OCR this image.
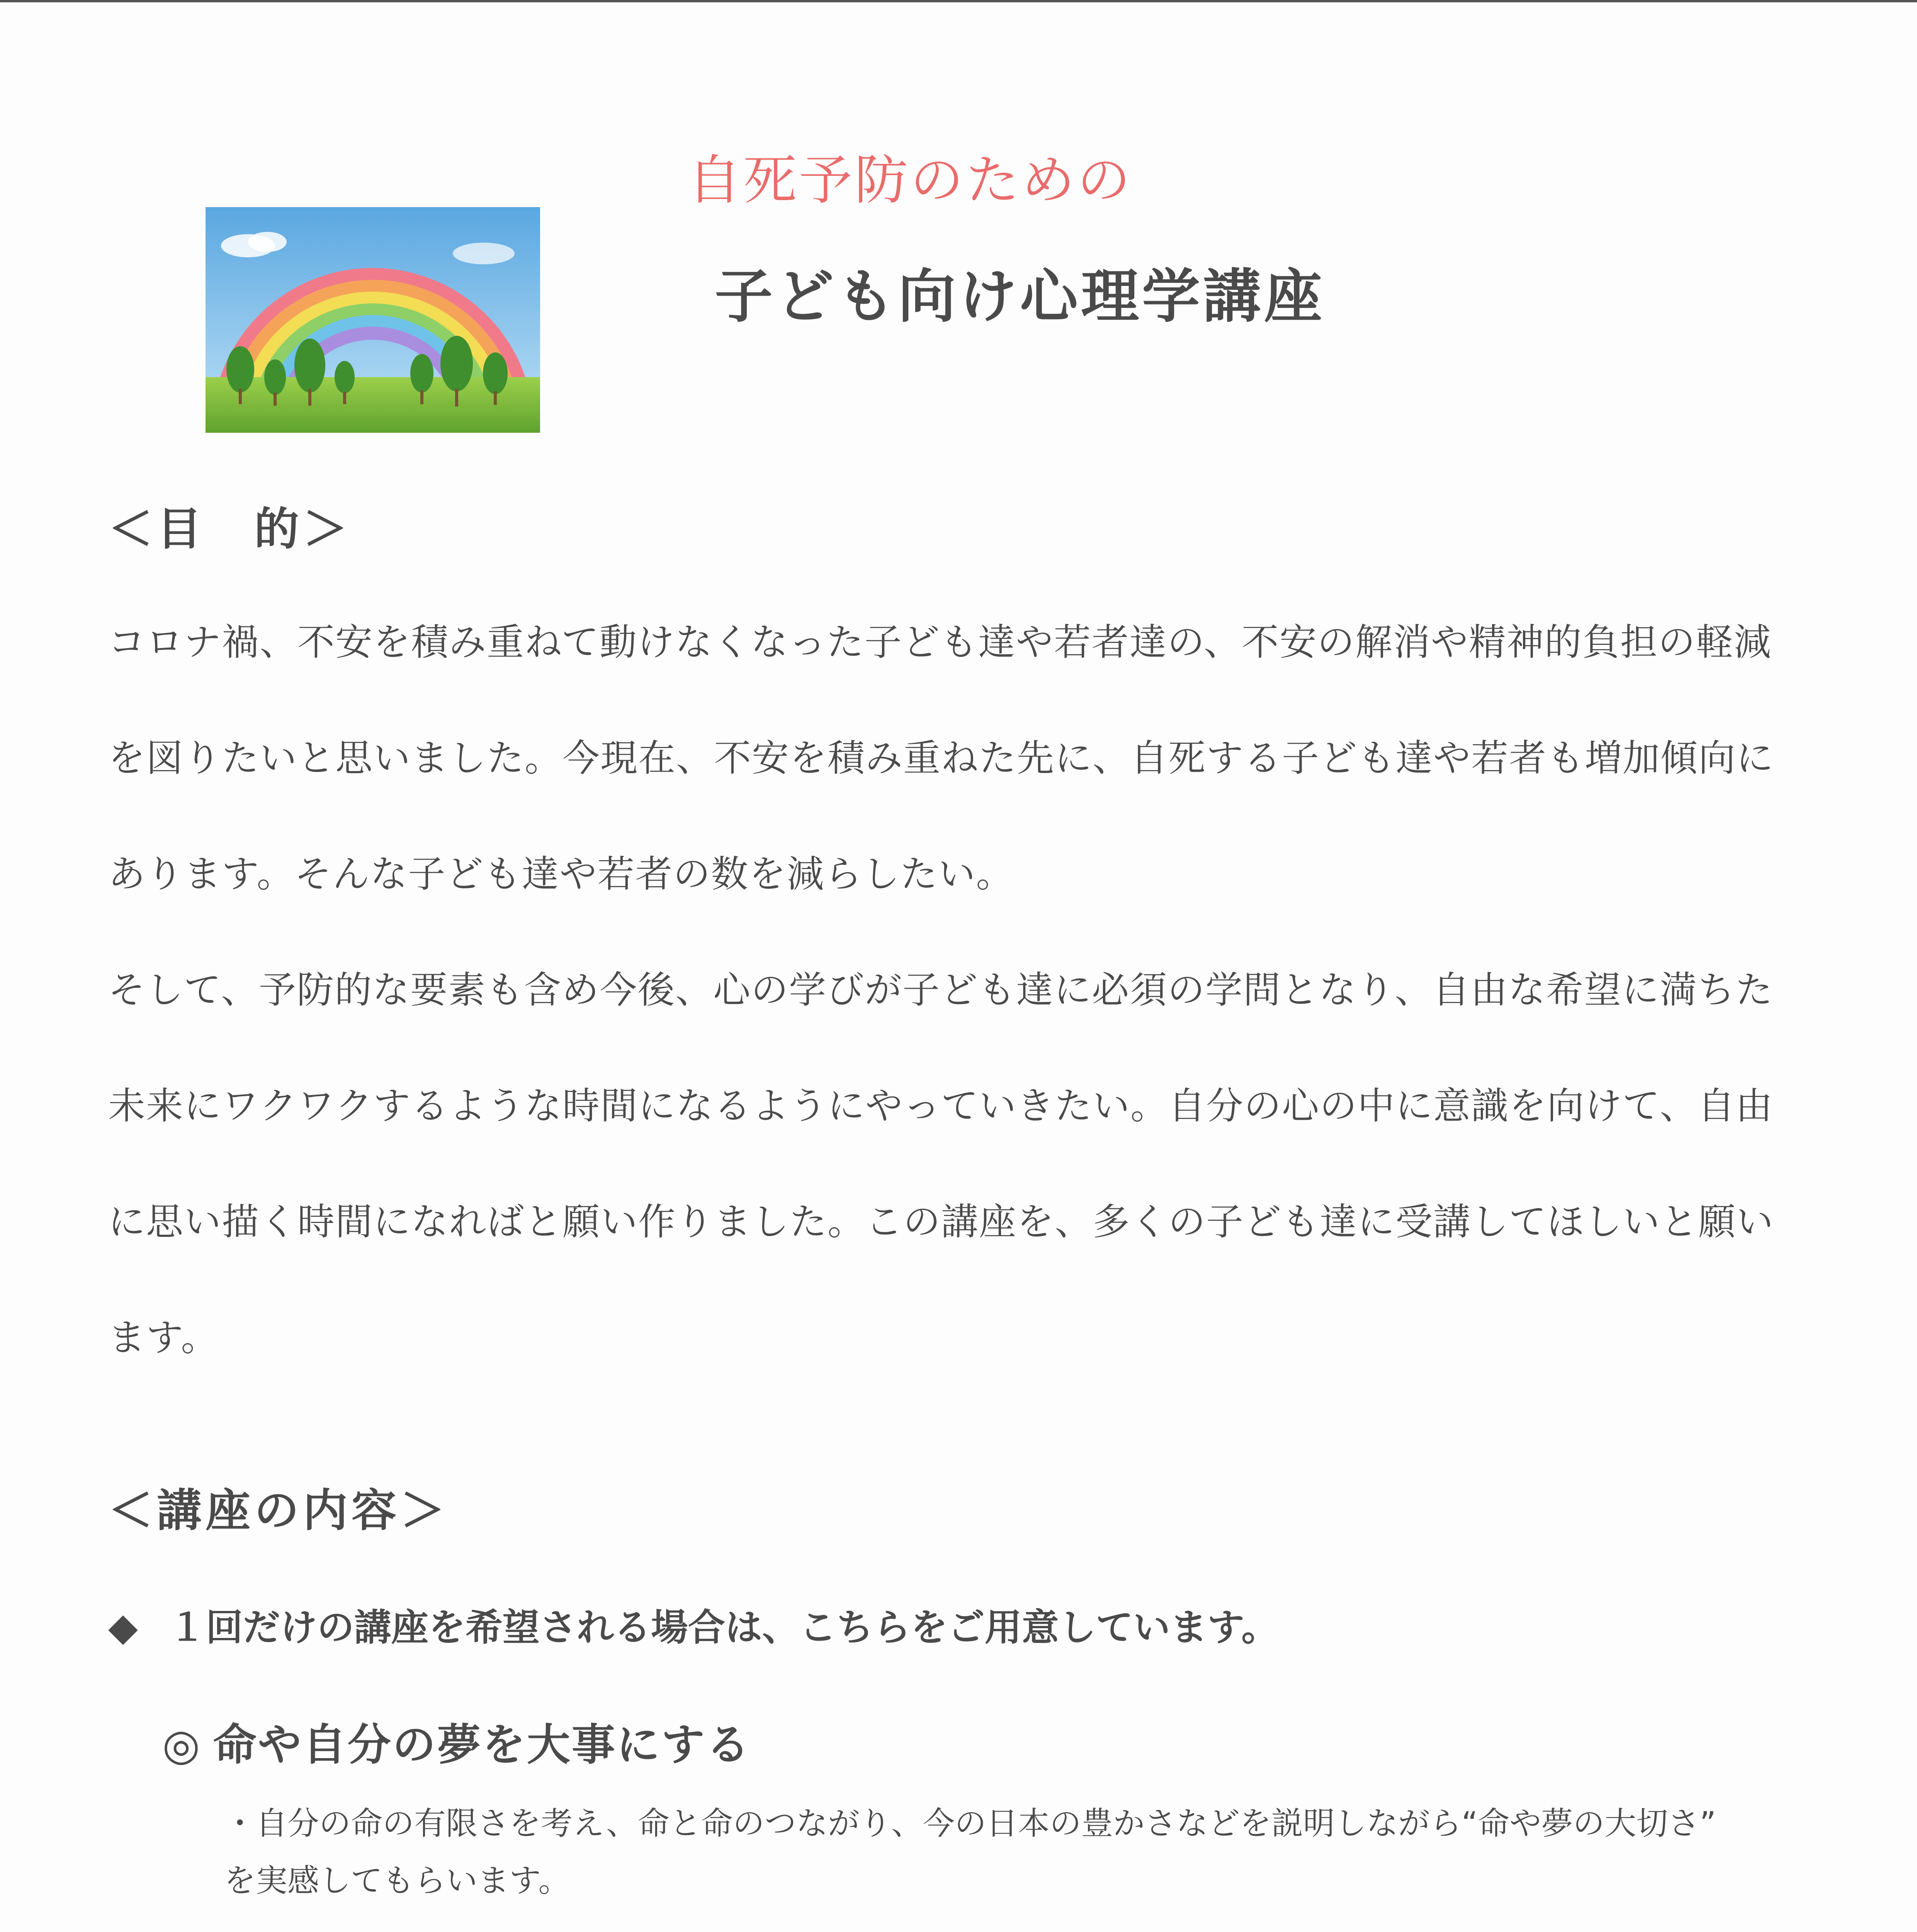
自死予防のための
子ども向け心理学講座
＜目　的＞
コロナ禍、不安を積み重ねて動けなくなった子ども達や若者達の、不安の解消や精神的負担の軽減
を図りたいと思いました。今現在、不安を積み重ねた先に、自死する子ども達や若者も増加傾向に
あります。そんな子ども達や若者の数を減らしたい。
そして、予防的な要素も含め今後、心の学びが子ども達に必須の学問となり、自由な希望に満ちた
未来にワクワクするような時間になるようにやっていきたい。自分の心の中に意識を向けて、自由
に思い描く時間になればと願い作りました。この講座を、多くの子ども達に受講してほしいと願い
ます。
＜講座の内容＞
◆ １回だけの講座を希望される場合は、こちらをご用意しています。
◎ 命や自分の夢を大事にする
・自分の命の有限さを考え、命と命のつながり、今の日本の豊かさなどを説明しながら“命や夢の大切さ”
を実感してもらいます。
